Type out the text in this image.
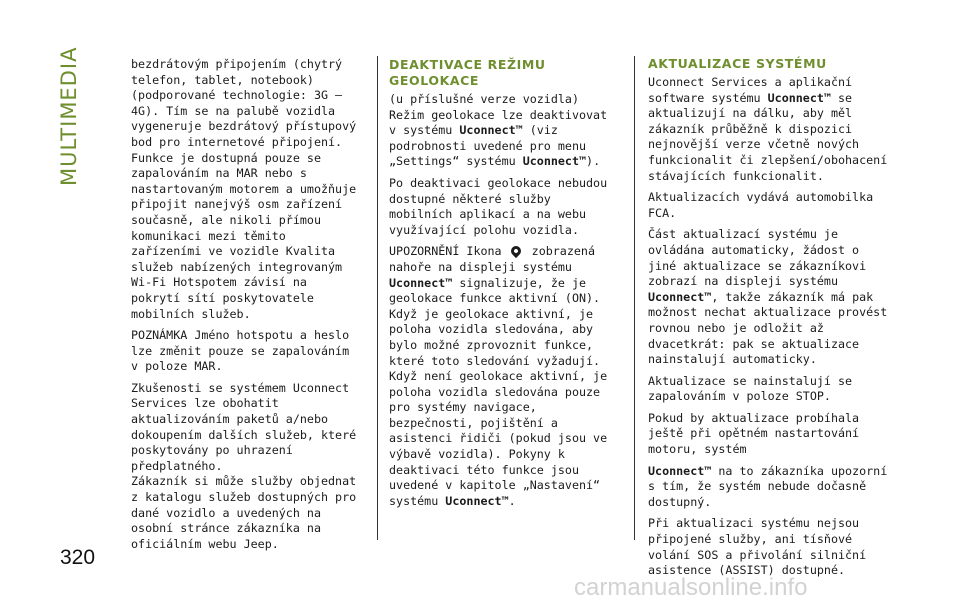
MULTIMEDIA	bezdrátovým připojením (chytrý telefon, tablet, notebook) (podporované technologie: 3G – 4G). Tím se na palubě vozidla vygeneruje bezdrátový přístupový bod pro internetové připojení. Funkce je dostupná pouze se zapalováním na MAR nebo s nastartovaným motorem a umožňuje připojit nanejvýš osm zařízení současně, ale nikoli přímou komunikaci mezi těmito zařízeními ve vozidle Kvalita služeb nabízených integrovaným Wi-Fi Hotspotem závisí na pokrytí sítí poskytovatele mobilních služeb.

POZNÁMKA Jméno hotspotu a heslo lze změnit pouze se zapalováním v poloze MAR.

Zkušenosti se systémem Uconnect Services lze obohatit aktualizováním paketů a/nebo dokoupením dalších služeb, které poskytovány po uhrazení předplatného.

Zákazník si může služby objednat z katalogu služeb dostupných pro dané vozidlo a uvedených na osobní stránce zákazníka na oficiálním webu Jeep.

DEAKTIVACE REŽIMU GEOLOKACE

(u příslušné verze vozidla) Režim geolokace lze deaktivovat v systému Uconnect™ (viz podrobnosti uvedené pro menu „Settings“ systému Uconnect™).

Po deaktivaci geolokace nebudou dostupné některé služby mobilních aplikací a na webu využívající polohu vozidla.

UPOZORNĚNÍ Ikona  zobrazená nahoře na displeji systému Uconnect™ signalizuje, že je geolokace funkce aktivní (ON). Když je geolokace aktivní, je poloha vozidla sledována, aby bylo možné zprovoznit funkce, které toto sledování vyžadují. Když není geolokace aktivní, je poloha vozidla sledována pouze pro systémy navigace, bezpečnosti, pojištění a asistenci řidiči (pokud jsou ve výbavě vozidla). Pokyny k deaktivaci této funkce jsou uvedené v kapitole „Nastavení“ systému Uconnect™.

AKTUALIZACE SYSTÉMU

Uconnect Services a aplikační software systému Uconnect™ se aktualizují na dálku, aby měl zákazník průběžně k dispozici nejnovější verze včetně nových funkcionalit či zlepšení/obohacení stávajících funkcionalit.

Aktualizacích vydává automobilka FCA.

Část aktualizací systému je ovládána automaticky, žádost o jiné aktualizace se zákazníkovi zobrazí na displeji systému Uconnect™, takže zákazník má pak možnost nechat aktualizace provést rovnou nebo je odložit až dvacetkrát: pak se aktualizace nainstalují automaticky.

Aktualizace se nainstalují se zapalováním v poloze STOP.

Pokud by aktualizace probíhala ještě při opětném nastartování motoru, systém

Uconnect™ na to zákazníka upozorní s tím, že systém nebude dočasně dostupný.

Při aktualizaci systému nejsou připojené služby, ani tísňové volání SOS a přivolání silniční asistence (ASSIST) dostupné.

320
carmanualsonline.info
